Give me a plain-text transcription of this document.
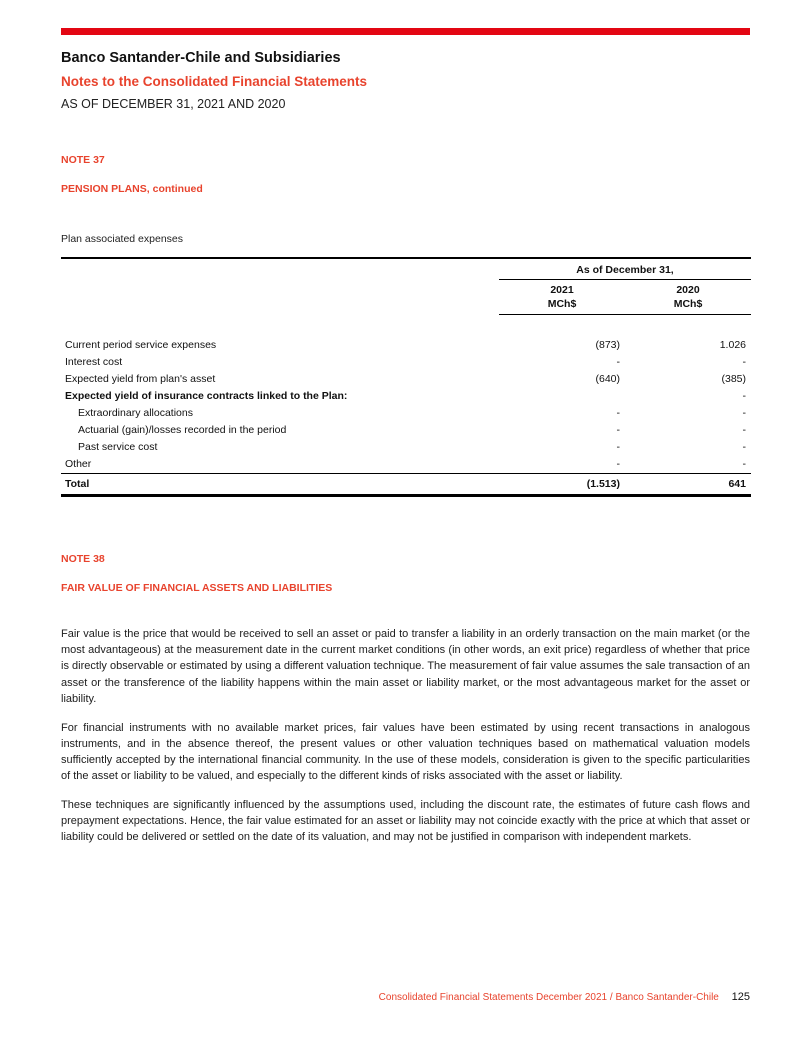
Banco Santander-Chile and Subsidiaries
Notes to the Consolidated Financial Statements
AS OF DECEMBER 31, 2021 AND 2020

NOTE 37

PENSION PLANS, continued

Plan associated expenses

	As of December 31,	
	2021	2020
	MCh$	MCh$

Current period service expenses	(873)	1.026
Interest cost	-	-
Expected yield from plan's asset	(640)	(385)
Expected yield of insurance contracts linked to the Plan:		-
Extraordinary allocations	-	-
Actuarial (gain)/losses recorded in the period	-	-
Past service cost	-	-
Other	-	-
Total	(1.513)	641

NOTE 38

FAIR VALUE OF FINANCIAL ASSETS AND LIABILITIES

Fair value is the price that would be received to sell an asset or paid to transfer a liability in an orderly transaction on the main market (or the most advantageous) at the measurement date in the current market conditions (in other words, an exit price) regardless of whether that price is directly observable or estimated by using a different valuation technique. The measurement of fair value assumes the sale transaction of an asset or the transference of the liability happens within the main asset or liability market, or the most advantageous market for the asset or liability.

For financial instruments with no available market prices, fair values have been estimated by using recent transactions in analogous instruments, and in the absence thereof, the present values or other valuation techniques based on mathematical valuation models sufficiently accepted by the international financial community. In the use of these models, consideration is given to the specific particularities of the asset or liability to be valued, and especially to the different kinds of risks associated with the asset or liability.

These techniques are significantly influenced by the assumptions used, including the discount rate, the estimates of future cash flows and prepayment expectations. Hence, the fair value estimated for an asset or liability may not coincide exactly with the price at which that asset or liability could be delivered or settled on the date of its valuation, and may not be justified in comparison with independent markets.

Consolidated Financial Statements December 2021 / Banco Santander-Chile 125
